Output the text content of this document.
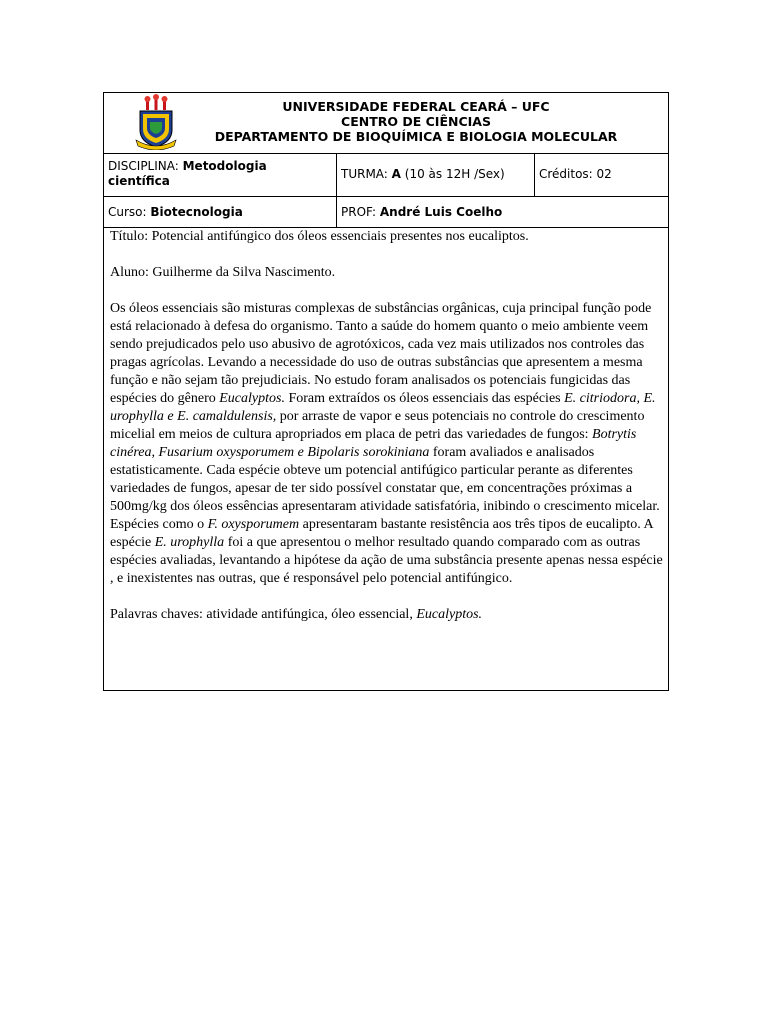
UNIVERSIDADE FEDERAL CEARÁ – UFC
CENTRO DE CIÊNCIAS
DEPARTAMENTO DE BIOQUÍMICA E BIOLOGIA MOLECULAR
DISCIPLINA: Metodologia científica	TURMA: A (10 às 12H /Sex)	Créditos: 02
Curso: Biotecnologia	PROF: André Luis Coelho

Título: Potencial antifúngico dos óleos essenciais presentes nos eucaliptos.

Aluno: Guilherme da Silva Nascimento.

Os óleos essenciais são misturas complexas de substâncias orgânicas, cuja principal função pode está relacionado à defesa do organismo. Tanto a saúde do homem quanto o meio ambiente veem sendo prejudicados pelo uso abusivo de agrotóxicos, cada vez mais utilizados nos controles das pragas agrícolas. Levando a necessidade do uso de outras substâncias que apresentem a mesma função e não sejam tão prejudiciais. No estudo foram analisados os potenciais fungicidas das espécies do gênero Eucalyptos. Foram extraídos os óleos essenciais das espécies E. citriodora, E. urophylla e E. camaldulensis, por arraste de vapor e seus potenciais no controle do crescimento micelial em meios de cultura apropriados em placa de petri das variedades de fungos: Botrytis cinérea, Fusarium oxysporumem e Bipolaris sorokiniana foram avaliados e analisados estatisticamente. Cada espécie obteve um potencial antifúgico particular perante as diferentes variedades de fungos, apesar de ter sido possível constatar que, em concentrações próximas a 500mg/kg dos óleos essências apresentaram atividade satisfatória, inibindo o crescimento micelar. Espécies como o F. oxysporumem apresentaram bastante resistência aos três tipos de eucalipto. A espécie E. urophylla foi a que apresentou o melhor resultado quando comparado com as outras espécies avaliadas, levantando a hipótese da ação de uma substância presente apenas nessa espécie , e inexistentes nas outras, que é responsável pelo potencial antifúngico.

Palavras chaves: atividade antifúngica, óleo essencial, Eucalyptos.
